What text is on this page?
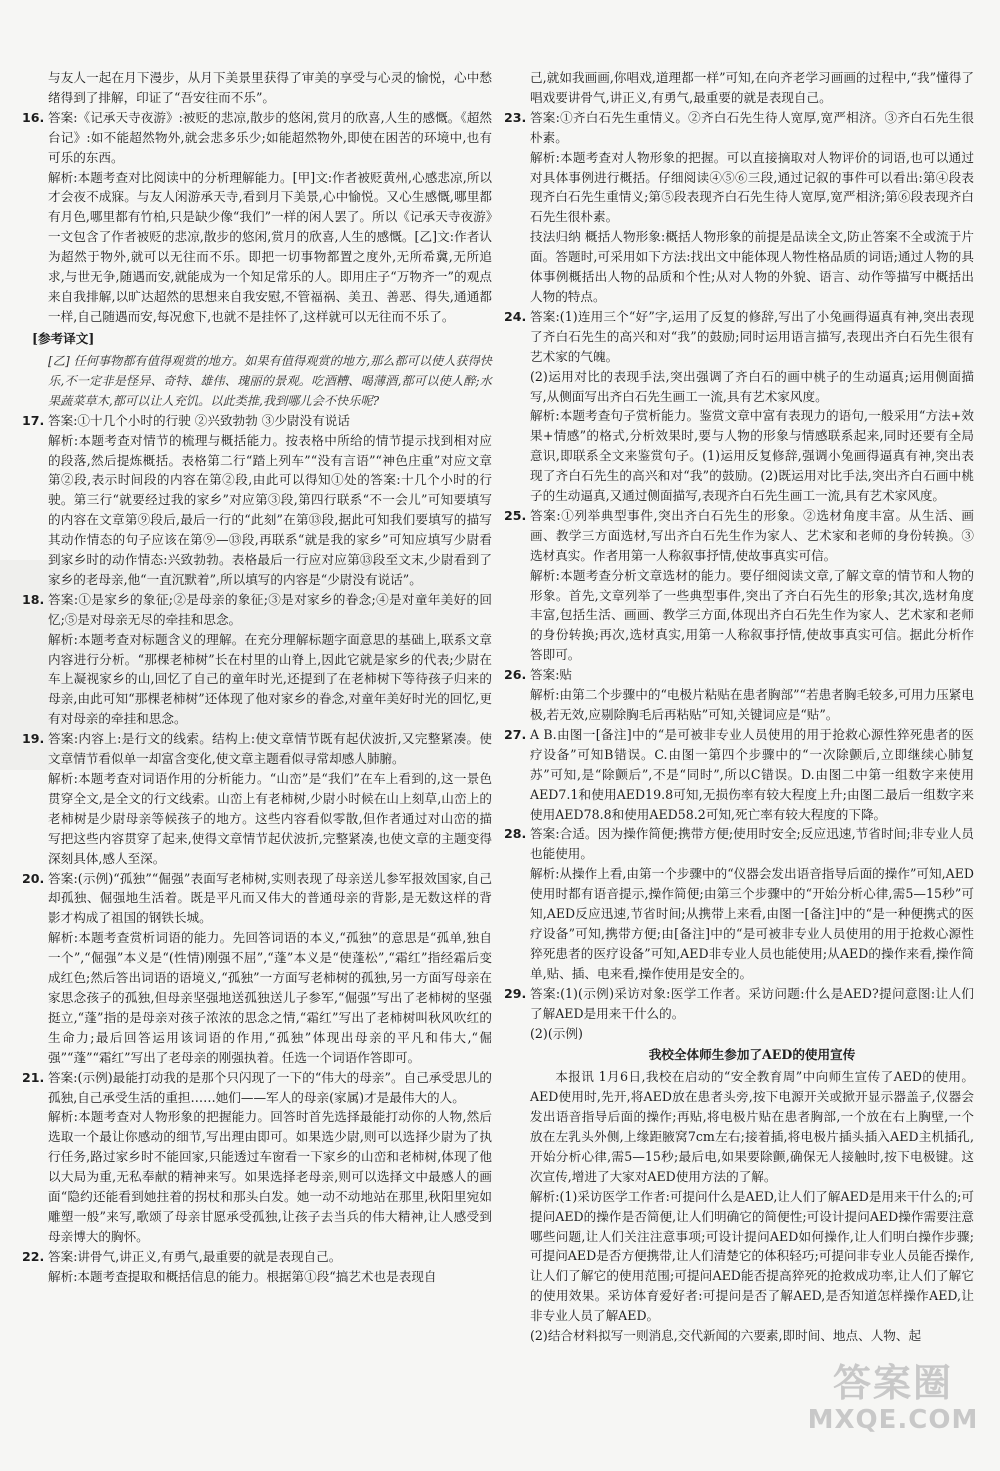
与友人一起在月下漫步，从月下美景里获得了审美的享受与心灵的愉悦，心中愁绪得到了排解，印证了“吾安往而不乐”。

16. 答案:《记承天寺夜游》:被贬的悲凉,散步的悠闲,赏月的欣喜,人生的感慨。《超然台记》:如不能超然物外,就会悲多乐少;如能超然物外,即使在困苦的环境中,也有可乐的东西。

解析:本题考查对比阅读中的分析理解能力。[甲]文:作者被贬黄州,心感悲凉,所以才会夜不成寐。与友人闲游承天寺,看到月下美景,心中愉悦。又心生感慨,哪里都有月色,哪里都有竹柏,只是缺少像“我们”一样的闲人罢了。所以《记承天寺夜游》一文包含了作者被贬的悲凉,散步的悠闲,赏月的欣喜,人生的感慨。[乙]文:作者认为超然于物外,就可以无往而不乐。即把一切事物都置之度外,无所希冀,无所追求,与世无争,随遇而安,就能成为一个知足常乐的人。即用庄子“万物齐一”的观点来自我排解,以旷达超然的思想来自我安慰,不管福祸、美丑、善恶、得失,通通都一样,自己随遇而安,每况愈下,也就不是挂怀了,这样就可以无往而不乐了。

[参考译文]
[乙] 任何事物都有值得观赏的地方。如果有值得观赏的地方,那么都可以使人获得快乐,不一定非是怪异、奇特、雄伟、瑰丽的景观。吃酒糟、喝薄酒,都可以使人醉;水果蔬菜草木,都可以让人充饥。以此类推,我到哪儿会不快乐呢?
17. 答案:①十几个小时的行驶 ②兴致勃勃 ③少尉没有说话

解析:本题考查对情节的梳理与概括能力。按表格中所给的情节提示找到相对应的段落,然后提炼概括。表格第二行“踏上列车”“没有言语”“神色庄重”对应文章第②段,表示时间段的内容在第②段,由此可以得知①处的答案:十几个小时的行驶。第三行“就要经过我的家乡”对应第③段,第四行联系“不一会儿”可知要填写的内容在文章第⑨段后,最后一行的“此刻”在第⑬段,据此可知我们要填写的描写其动作情态的句子应该在第⑨—⑬段,再联系“就是我的家乡”可知应填写少尉看到家乡时的动作情态:兴致勃勃。表格最后一行应对应第⑬段至文末,少尉看到了家乡的老母亲,他“一直沉默着”,所以填写的内容是“少尉没有说话”。

18. 答案:①是家乡的象征;②是母亲的象征;③是对家乡的眷念;④是对童年美好的回忆;⑤是对母亲无尽的牵挂和思念。

解析:本题考查对标题含义的理解。在充分理解标题字面意思的基础上,联系文章内容进行分析。“那棵老柿树”长在村里的山脊上,因此它就是家乡的代表;少尉在车上凝视家乡的山,回忆了自己的童年时光,还提到了在老柿树下等待孩子归来的母亲,由此可知“那棵老柿树”还体现了他对家乡的眷念,对童年美好时光的回忆,更有对母亲的牵挂和思念。

19. 答案:内容上:是行文的线索。结构上:使文章情节既有起伏波折,又完整紧凑。使文章情节看似单一却富含变化,使文章主题看似寻常却感人肺腑。

解析:本题考查对词语作用的分析能力。“山峦”是“我们”在车上看到的,这一景色贯穿全文,是全文的行文线索。山峦上有老柿树,少尉小时候在山上刻草,山峦上的老柿树是少尉母亲等候孩子的地方。这些内容看似零散,但作者通过对山峦的描写把这些内容贯穿了起来,使得文章情节起伏波折,完整紧凑,也使文章的主题变得深刻具体,感人至深。

20. 答案:(示例)“孤独”“倔强”表面写老柿树,实则表现了母亲送儿参军报效国家,自己却孤独、倔强地生活着。既是平凡而又伟大的普通母亲的背影,是无数这样的背影才构成了祖国的钢铁长城。

解析:本题考查赏析词语的能力。先回答词语的本义,“孤独”的意思是“孤单,独自一个”,“倔强”本义是“(性情)刚强不屈”,“蓬”本义是“使蓬松”,“霜红”指经霜后变成红色;然后答出词语的语境义,“孤独”一方面写老柿树的孤独,另一方面写母亲在家思念孩子的孤独,但母亲坚强地送孤独送儿子参军,“倔强”写出了老柿树的坚强挺立,“蓬”指的是母亲对孩子浓浓的思念之情,“霜红”写出了老柿树叫秋风吹红的生命力;最后回答运用该词语的作用,“孤独”体现出母亲的平凡和伟大,“倔强”“蓬”“霜红”写出了老母亲的刚强执着。任选一个词语作答即可。

21. 答案:(示例)最能打动我的是那个只闪现了一下的“伟大的母亲”。自己承受思儿的孤独,自己承受生活的重担……她们——军人的母亲(家属)才是最伟大的人。

解析:本题考查对人物形象的把握能力。回答时首先选择最能打动你的人物,然后选取一个最让你感动的细节,写出理由即可。如果选少尉,则可以选择少尉为了执行任务,路过家乡时不能回家,只能透过车窗看一下家乡的山峦和老柿树,体现了他以大局为重,无私奉献的精神来写。如果选择老母亲,则可以选择文中最感人的画面“隐约还能看到她拄着的拐杖和那头白发。她一动不动地站在那里,秋阳里宛如雕塑一般”来写,歌颂了母亲甘愿承受孤独,让孩子去当兵的伟大精神,让人感受到母亲博大的胸怀。

22. 答案:讲骨气,讲正义,有勇气,最重要的就是表现自己。

解析:本题考查提取和概括信息的能力。根据第①段“搞艺术也是表现自

己,就如我画画,你唱戏,道理都一样”可知,在向齐老学习画画的过程中,“我”懂得了唱戏要讲骨气,讲正义,有勇气,最重要的就是表现自己。

23. 答案:①齐白石先生重情义。②齐白石先生待人宽厚,宽严相济。③齐白石先生很朴素。

解析:本题考查对人物形象的把握。可以直接摘取对人物评价的词语,也可以通过对具体事例进行概括。仔细阅读④⑤⑥三段,通过记叙的事件可以看出:第④段表现齐白石先生重情义;第⑤段表现齐白石先生待人宽厚,宽严相济;第⑥段表现齐白石先生很朴素。

技法归纳 概括人物形象:概括人物形象的前提是品读全文,防止答案不全或流于片面。答题时,可采用如下方法:找出文中能体现人物性格品质的词语;通过人物的具体事例概括出人物的品质和个性;从对人物的外貌、语言、动作等描写中概括出人物的特点。

24. 答案:(1)连用三个“好”字,运用了反复的修辞,写出了小兔画得逼真有神,突出表现了齐白石先生的高兴和对“我”的鼓励;同时运用语言描写,表现出齐白石先生很有艺术家的气魄。

(2)运用对比的表现手法,突出强调了齐白石的画中桃子的生动逼真;运用侧面描写,从侧面写出齐白石先生画工一流,具有艺术家风度。

解析:本题考查句子赏析能力。鉴赏文章中富有表现力的语句,一般采用“方法+效果+情感”的格式,分析效果时,要与人物的形象与情感联系起来,同时还要有全局意识,即联系全文来鉴赏句子。(1)运用反复修辞,强调小兔画得逼真有神,突出表现了齐白石先生的高兴和对“我”的鼓励。(2)既运用对比手法,突出齐白石画中桃子的生动逼真,又通过侧面描写,表现齐白石先生画工一流,具有艺术家风度。

25. 答案:①列举典型事件,突出齐白石先生的形象。②选材角度丰富。从生活、画画、教学三方面选材,写出齐白石先生作为家人、艺术家和老师的身份转换。③选材真实。作者用第一人称叙事抒情,使故事真实可信。

解析:本题考查分析文章选材的能力。要仔细阅读文章,了解文章的情节和人物的形象。首先,文章列举了一些典型事件,突出了齐白石先生的形象;其次,选材角度丰富,包括生活、画画、教学三方面,体现出齐白石先生作为家人、艺术家和老师的身份转换;再次,选材真实,用第一人称叙事抒情,使故事真实可信。据此分析作答即可。

26. 答案:贴

解析:由第二个步骤中的“电极片粘贴在患者胸部”“若患者胸毛较多,可用力压紧电极,若无效,应剔除胸毛后再粘贴”可知,关键词应是“贴”。

27. A B.由图一[备注]中的“是可被非专业人员使用的用于抢救心源性猝死患者的医疗设备”可知B错误。C.由图一第四个步骤中的“一次除颤后,立即继续心肺复苏”可知,是“除颤后”,不是“同时”,所以C错误。D.由图二中第一组数字来使用AED7.1和使用AED19.8可知,无损伤率有较大程度上升;由图二最后一组数字来使用AED78.8和使用AED58.2可知,死亡率有较大程度的下降。

28. 答案:合适。因为操作简便;携带方便;使用时安全;反应迅速,节省时间;非专业人员也能使用。

解析:从操作上看,由第一个步骤中的“仪器会发出语音指导后面的操作”可知,AED使用时都有语音提示,操作简便;由第三个步骤中的“开始分析心律,需5—15秒”可知,AED反应迅速,节省时间;从携带上来看,由图一[备注]中的“是一种便携式的医疗设备”可知,携带方便;由[备注]中的“是可被非专业人员使用的用于抢救心源性猝死患者的医疗设备”可知,AED非专业人员也能使用;从AED的操作来看,操作简单,贴、插、电来看,操作使用是安全的。

29. 答案:(1)(示例)采访对象:医学工作者。采访问题:什么是AED?提问意图:让人们了解AED是用来干什么的。

(2)(示例)

我校全体师生参加了AED的使用宣传

本报讯 1月6日,我校在启动的“安全教育周”中向师生宣传了AED的使用。AED使用时,先开,将AED放在患者头旁,按下电源开关或掀开显示器盖子,仪器会发出语音指导后面的操作;再贴,将电极片贴在患者胸部,一个放在右上胸壁,一个放在左乳头外侧,上缘距腋窝7cm左右;接着插,将电极片插头插入AED主机插孔,开始分析心律,需5—15秒;最后电,如果要除颤,确保无人接触时,按下电极键。这次宣传,增进了大家对AED使用方法的了解。

解析:(1)采访医学工作者:可提问什么是AED,让人们了解AED是用来干什么的;可提问AED的操作是否简便,让人们明确它的简便性;可设计提问AED操作需要注意哪些问题,让人们关注注意事项;可设计提问AED如何操作,让人们明白操作步骤;可提问AED是否方便携带,让人们清楚它的体积轻巧;可提问非专业人员能否操作,让人们了解它的使用范围;可提问AED能否提高猝死的抢救成功率,让人们了解它的使用效果。采访体育爱好者:可提问是否了解AED,是否知道怎样操作AED,让非专业人员了解AED。

(2)结合材料拟写一则消息,交代新闻的六要素,即时间、地点、人物、起

答案圈
MXQE.COM
